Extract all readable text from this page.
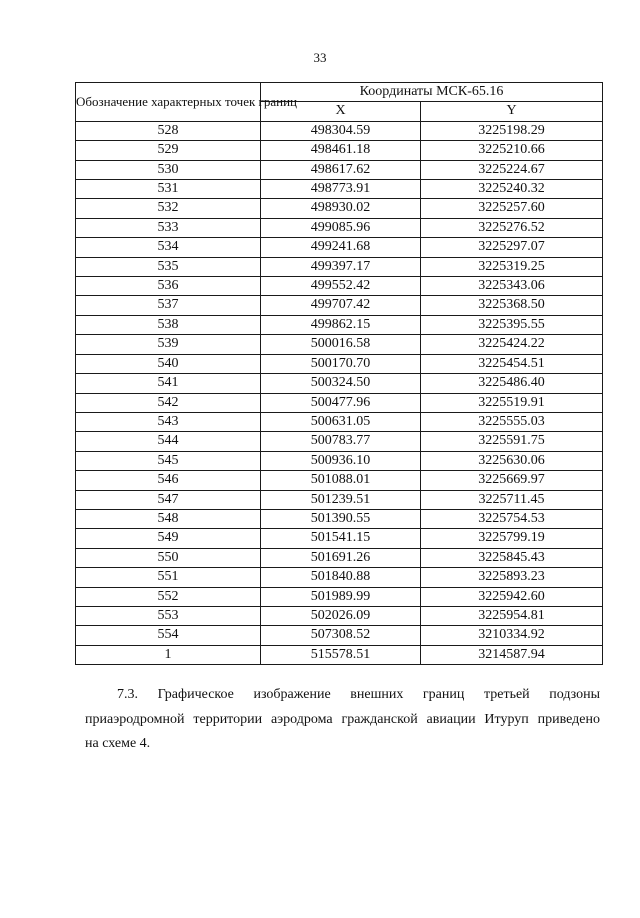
33
Обозначение характерных точек границ	Координаты МСК-65.16	
	X	Y
528	498304.59	3225198.29
529	498461.18	3225210.66
530	498617.62	3225224.67
531	498773.91	3225240.32
532	498930.02	3225257.60
533	499085.96	3225276.52
534	499241.68	3225297.07
535	499397.17	3225319.25
536	499552.42	3225343.06
537	499707.42	3225368.50
538	499862.15	3225395.55
539	500016.58	3225424.22
540	500170.70	3225454.51
541	500324.50	3225486.40
542	500477.96	3225519.91
543	500631.05	3225555.03
544	500783.77	3225591.75
545	500936.10	3225630.06
546	501088.01	3225669.97
547	501239.51	3225711.45
548	501390.55	3225754.53
549	501541.15	3225799.19
550	501691.26	3225845.43
551	501840.88	3225893.23
552	501989.99	3225942.60
553	502026.09	3225954.81
554	507308.52	3210334.92
1	515578.51	3214587.94
7.3. Графическое изображение внешних границ третьей подзоны
приаэродромной территории аэродрома гражданской авиации Итуруп приведено
на схеме 4.
